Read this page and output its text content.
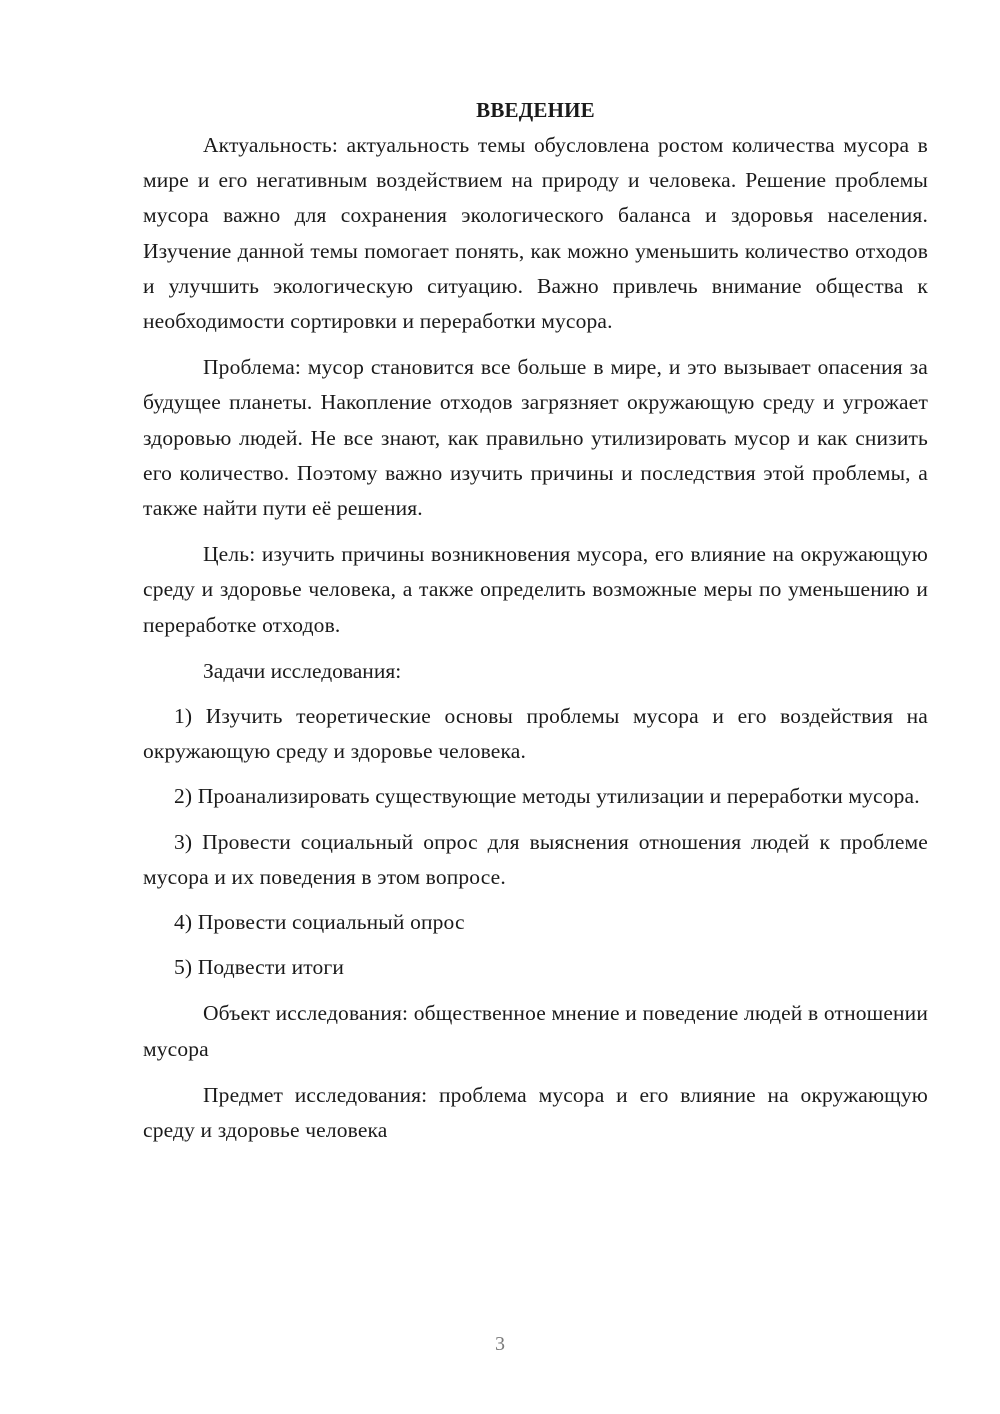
ВВЕДЕНИЕ

Актуальность: актуальность темы обусловлена ростом количества мусора в мире и его негативным воздействием на природу и человека. Решение проблемы мусора важно для сохранения экологического баланса и здоровья населения. Изучение данной темы помогает понять, как можно уменьшить количество отходов и улучшить экологическую ситуацию. Важно привлечь внимание общества к необходимости сортировки и переработки мусора.

Проблема: мусор становится все больше в мире, и это вызывает опасения за будущее планеты. Накопление отходов загрязняет окружающую среду и угрожает здоровью людей. Не все знают, как правильно утилизировать мусор и как снизить его количество. Поэтому важно изучить причины и последствия этой проблемы, а также найти пути её решения.

Цель: изучить причины возникновения мусора, его влияние на окружающую среду и здоровье человека, а также определить возможные меры по уменьшению и переработке отходов.

Задачи исследования:

1) Изучить теоретические основы проблемы мусора и его воздействия на окружающую среду и здоровье человека.

2) Проанализировать существующие методы утилизации и переработки мусора.

3) Провести социальный опрос для выяснения отношения людей к проблеме мусора и их поведения в этом вопросе.

4) Провести социальный опрос

5) Подвести итоги

Объект исследования: общественное мнение и поведение людей в отношении мусора

Предмет исследования: проблема мусора и его влияние на окружающую среду и здоровье человека

3
